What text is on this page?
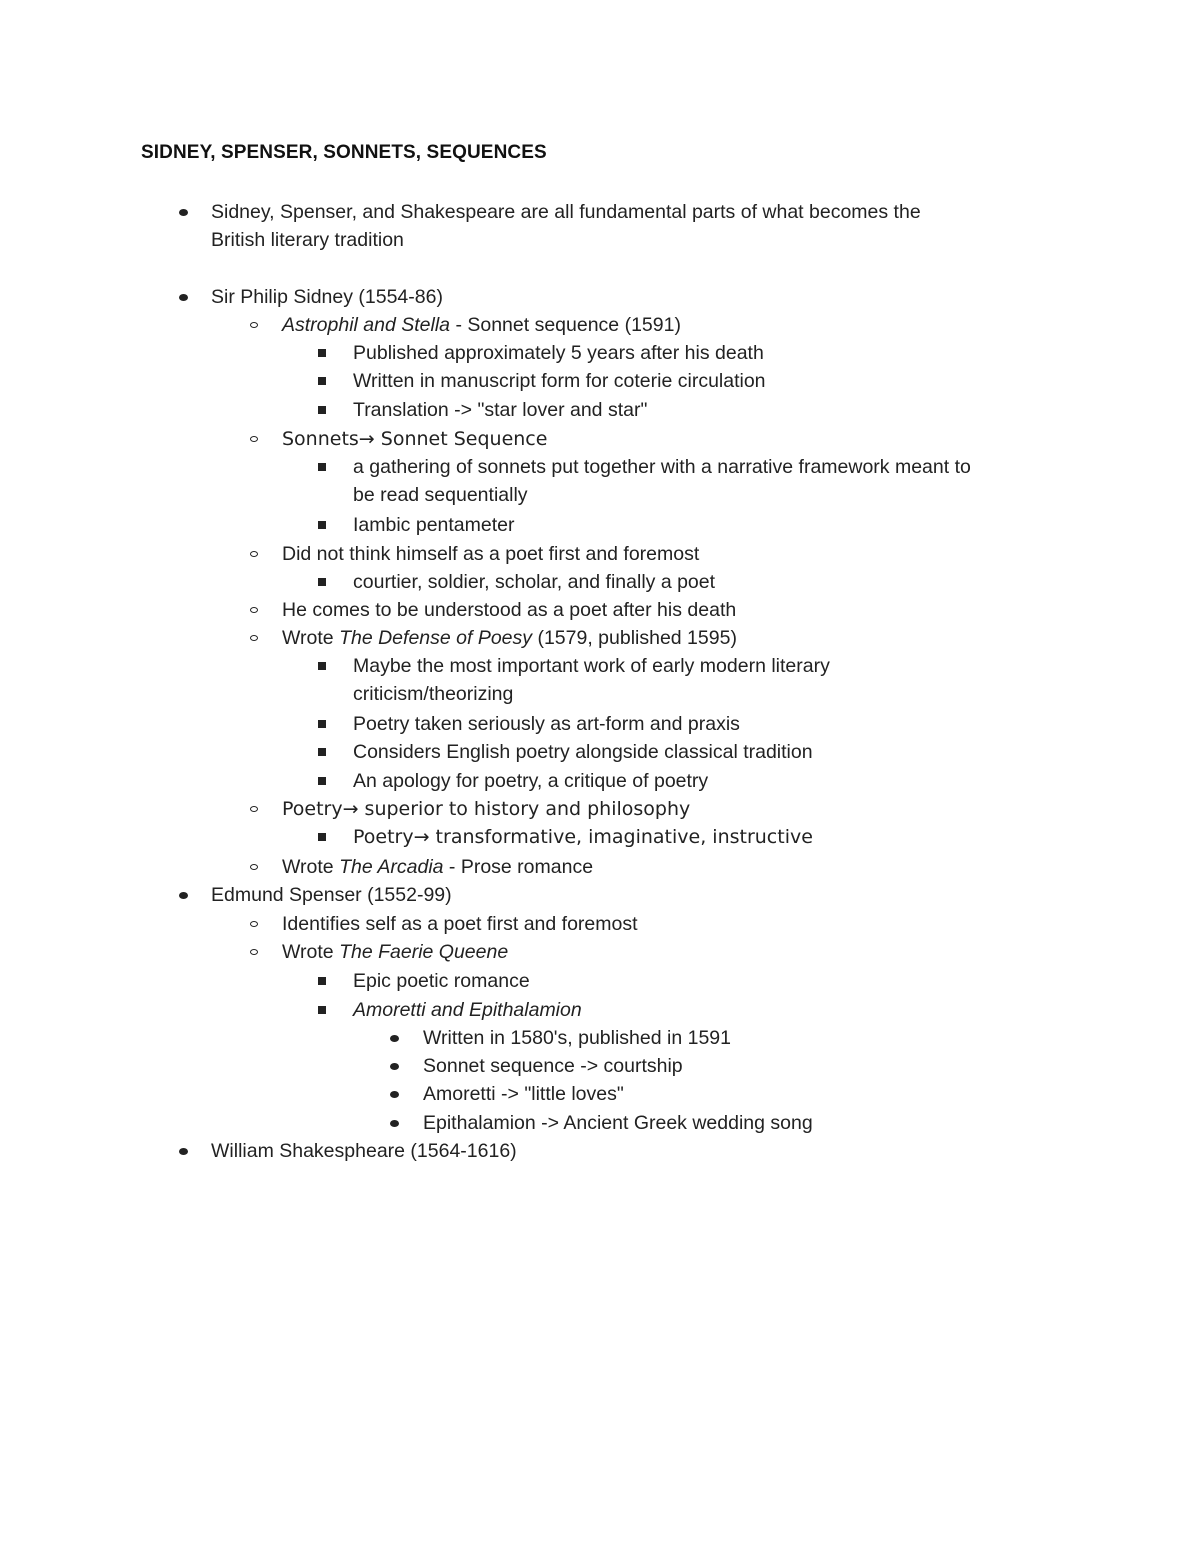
SIDNEY, SPENSER, SONNETS, SEQUENCES
Sidney, Spenser, and Shakespeare are all fundamental parts of what becomes the
British literary tradition
Sir Philip Sidney (1554-86)
Astrophil and Stella - Sonnet sequence (1591)
Published approximately 5 years after his death
Written in manuscript form for coterie circulation
Translation -> "star lover and star"
Sonnets→ Sonnet Sequence
a gathering of sonnets put together with a narrative framework meant to
be read sequentially
Iambic pentameter
Did not think himself as a poet first and foremost
courtier, soldier, scholar, and finally a poet
He comes to be understood as a poet after his death
Wrote The Defense of Poesy (1579, published 1595)
Maybe the most important work of early modern literary
criticism/theorizing
Poetry taken seriously as art-form and praxis
Considers English poetry alongside classical tradition
An apology for poetry, a critique of poetry
Poetry→ superior to history and philosophy
Poetry→ transformative, imaginative, instructive
Wrote The Arcadia - Prose romance
Edmund Spenser (1552-99)
Identifies self as a poet first and foremost
Wrote The Faerie Queene
Epic poetic romance
Amoretti and Epithalamion
Written in 1580's, published in 1591
Sonnet sequence -> courtship
Amoretti -> "little loves"
Epithalamion -> Ancient Greek wedding song
William Shakespheare (1564-1616)
